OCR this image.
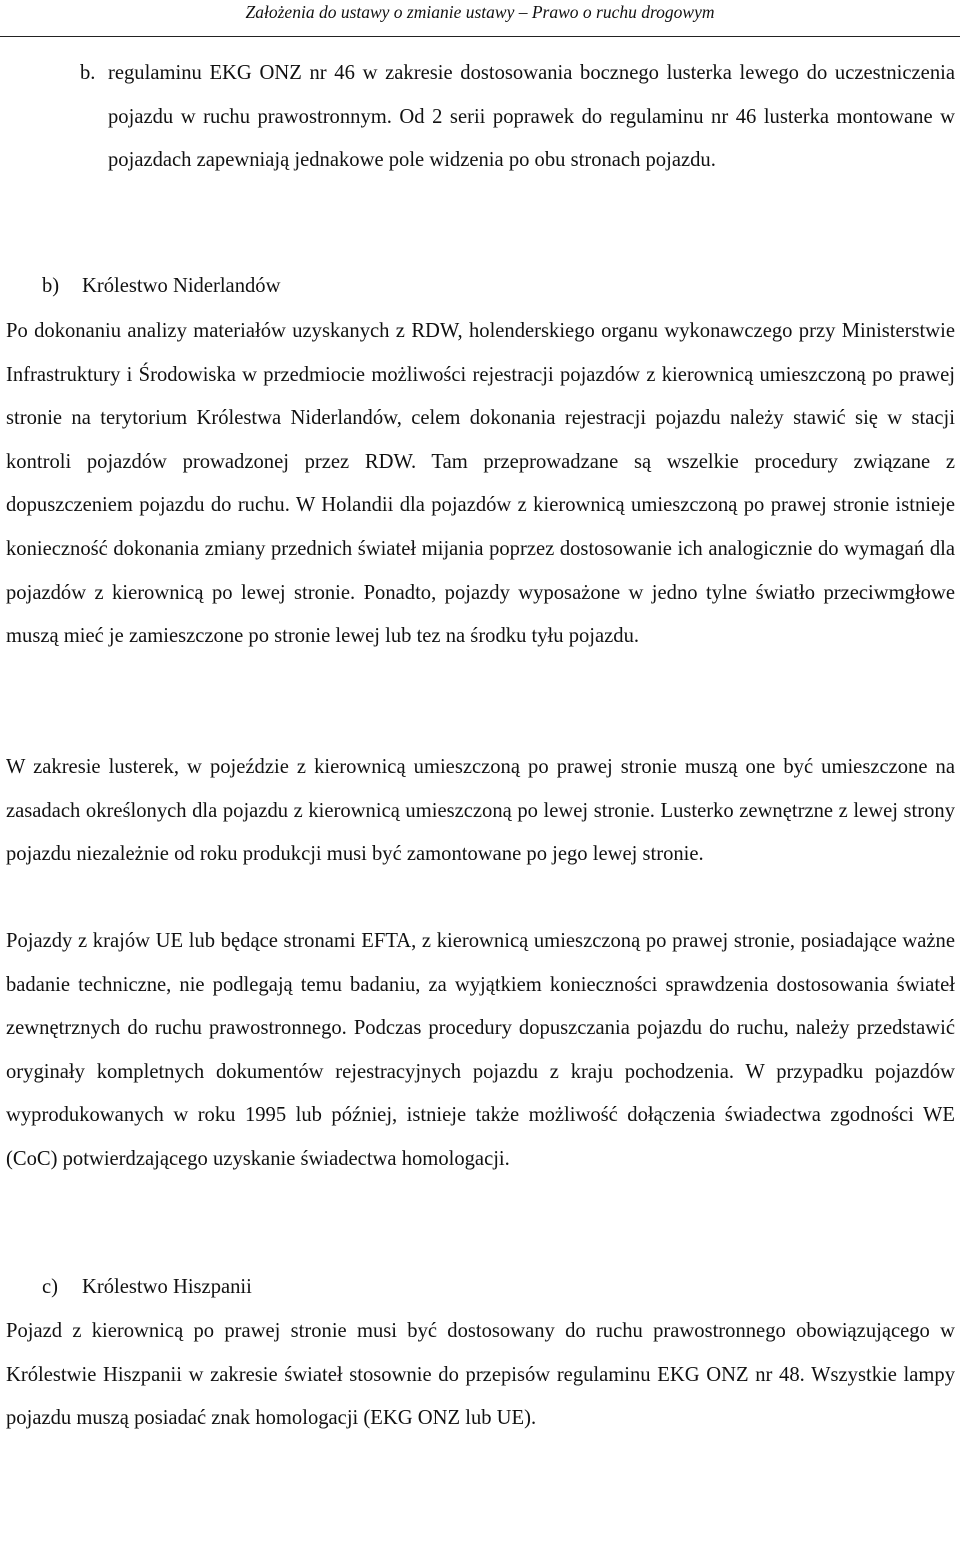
Założenia do ustawy o zmianie ustawy – Prawo o ruchu drogowym
b. regulaminu EKG ONZ nr 46 w zakresie dostosowania bocznego lusterka lewego do uczestniczenia pojazdu w ruchu prawostronnym. Od 2 serii poprawek do regulaminu nr 46 lusterka montowane w pojazdach zapewniają jednakowe pole widzenia po obu stronach pojazdu.
b) Królestwo Niderlandów
Po dokonaniu analizy materiałów uzyskanych z RDW, holenderskiego organu wykonawczego przy Ministerstwie Infrastruktury i Środowiska w przedmiocie możliwości rejestracji pojazdów z kierownicą umieszczoną po prawej stronie na terytorium Królestwa Niderlandów, celem dokonania rejestracji pojazdu należy stawić się w stacji kontroli pojazdów prowadzonej przez RDW. Tam przeprowadzane są wszelkie procedury związane z dopuszczeniem pojazdu do ruchu. W Holandii dla pojazdów z kierownicą umieszczoną po prawej stronie istnieje konieczność dokonania zmiany przednich świateł mijania poprzez dostosowanie ich analogicznie do wymagań dla pojazdów z kierownicą po lewej stronie. Ponadto, pojazdy wyposażone w jedno tylne światło przeciwmgłowe muszą mieć je zamieszczone po stronie lewej lub tez na środku tyłu pojazdu.
W zakresie lusterek, w pojeździe z kierownicą umieszczoną po prawej stronie muszą one być umieszczone na zasadach określonych dla pojazdu z kierownicą umieszczoną po lewej stronie. Lusterko zewnętrzne z lewej strony pojazdu niezależnie od roku produkcji musi być zamontowane po jego lewej stronie.
Pojazdy z krajów UE lub będące stronami EFTA, z kierownicą umieszczoną po prawej stronie, posiadające ważne badanie techniczne, nie podlegają temu badaniu, za wyjątkiem konieczności sprawdzenia dostosowania świateł zewnętrznych do ruchu prawostronnego. Podczas procedury dopuszczania pojazdu do ruchu, należy przedstawić oryginały kompletnych dokumentów rejestracyjnych pojazdu z kraju pochodzenia. W przypadku pojazdów wyprodukowanych w roku 1995 lub później, istnieje także możliwość dołączenia świadectwa zgodności WE (CoC) potwierdzającego uzyskanie świadectwa homologacji.
c) Królestwo Hiszpanii
Pojazd z kierownicą po prawej stronie musi być dostosowany do ruchu prawostronnego obowiązującego w Królestwie Hiszpanii w zakresie świateł stosownie do przepisów regulaminu EKG ONZ nr 48. Wszystkie lampy pojazdu muszą posiadać znak homologacji (EKG ONZ lub UE).
